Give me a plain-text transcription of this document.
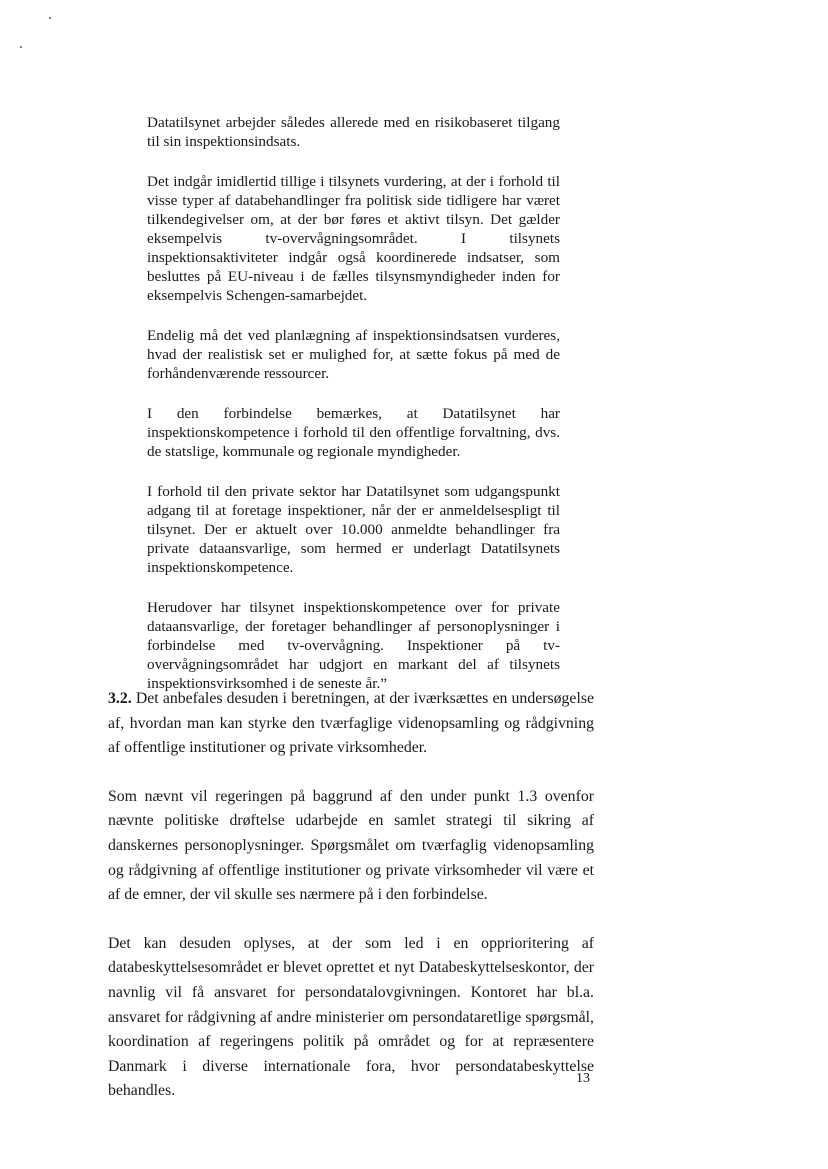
Datatilsynet arbejder således allerede med en risikobaseret tilgang til sin inspektionsindsats.

Det indgår imidlertid tillige i tilsynets vurdering, at der i forhold til visse typer af databehandlinger fra politisk side tidligere har været tilkendegivelser om, at der bør føres et aktivt tilsyn. Det gælder eksempelvis tv-overvågningsområdet. I tilsynets inspektionsaktiviteter indgår også koordinerede indsatser, som besluttes på EU-niveau i de fælles tilsynsmyndigheder inden for eksempelvis Schengen-samarbejdet.

Endelig må det ved planlægning af inspektionsindsatsen vurderes, hvad der realistisk set er mulighed for, at sætte fokus på med de forhåndenværende ressourcer.

I den forbindelse bemærkes, at Datatilsynet har inspektionskompetence i forhold til den offentlige forvaltning, dvs. de statslige, kommunale og regionale myndigheder.

I forhold til den private sektor har Datatilsynet som udgangspunkt adgang til at foretage inspektioner, når der er anmeldelsespligt til tilsynet. Der er aktuelt over 10.000 anmeldte behandlinger fra private dataansvarlige, som hermed er underlagt Datatilsynets inspektionskompetence.

Herudover har tilsynet inspektionskompetence over for private dataansvarlige, der foretager behandlinger af personoplysninger i forbindelse med tv-overvågning. Inspektioner på tv-overvågningsområdet har udgjort en markant del af tilsynets inspektionsvirksomhed i de seneste år.”

3.2. Det anbefales desuden i beretningen, at der iværksættes en undersøgelse af, hvordan man kan styrke den tværfaglige videnopsamling og rådgivning af offentlige institutioner og private virksomheder.

Som nævnt vil regeringen på baggrund af den under punkt 1.3 ovenfor nævnte politiske drøftelse udarbejde en samlet strategi til sikring af danskernes personoplysninger. Spørgsmålet om tværfaglig videnopsamling og rådgivning af offentlige institutioner og private virksomheder vil være et af de emner, der vil skulle ses nærmere på i den forbindelse.

Det kan desuden oplyses, at der som led i en opprioritering af databeskyttelsesområdet er blevet oprettet et nyt Databeskyttelseskontor, der navnlig vil få ansvaret for persondatalovgivningen. Kontoret har bl.a. ansvaret for rådgivning af andre ministerier om persondataretlige spørgsmål, koordination af regeringens politik på området og for at repræsentere Danmark i diverse internationale fora, hvor persondatabeskyttelse behandles.

13
